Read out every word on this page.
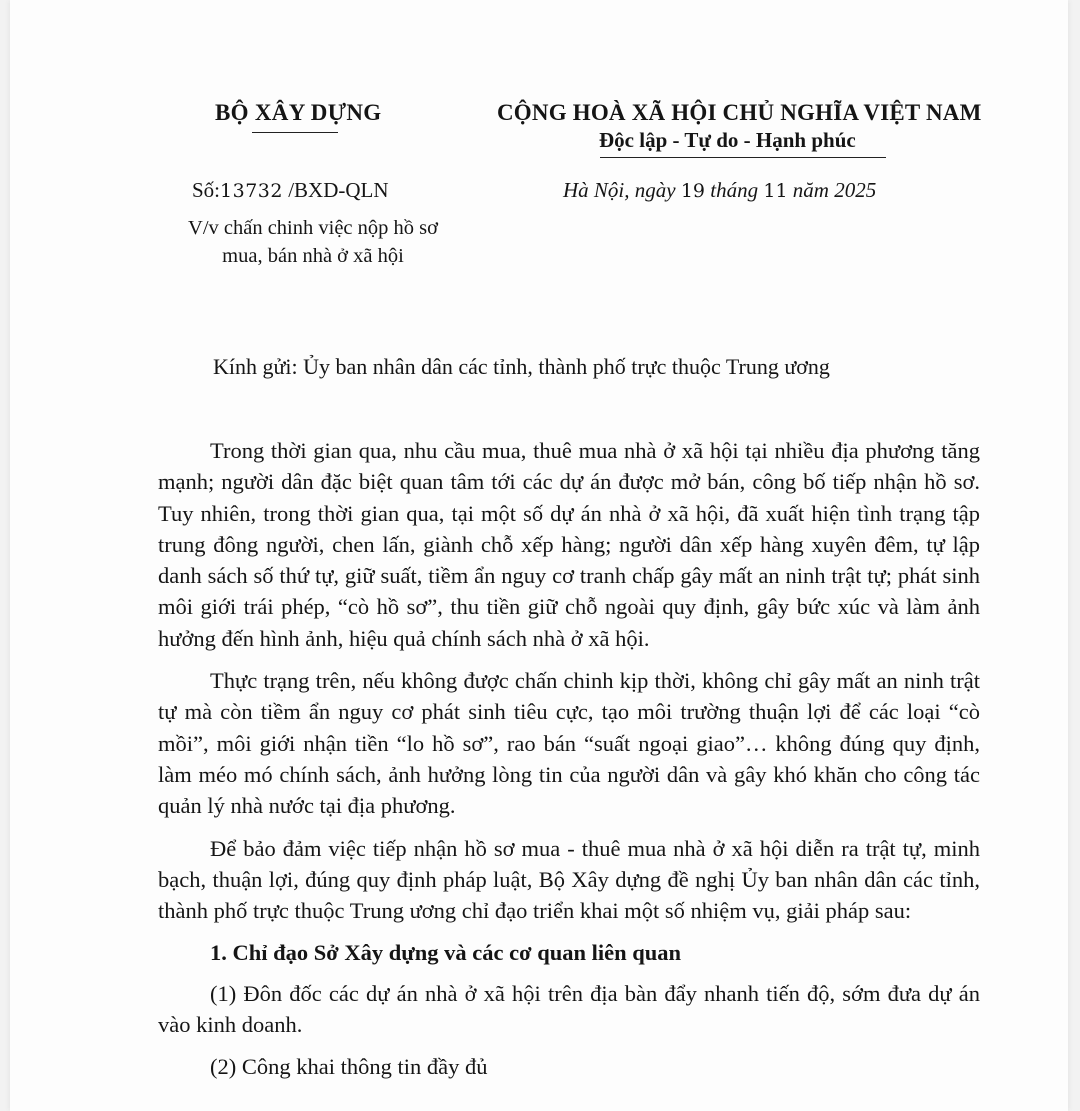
BỘ XÂY DỰNG	CỘNG HOÀ XÃ HỘI CHỦ NGHĨA VIỆT NAM
Độc lập - Tự do - Hạnh phúc
Số:13732 /BXD-QLN
V/v chấn chinh việc nộp hồ sơ
mua, bán nhà ở xã hội
Hà Nội, ngày 19 tháng 11 năm 2025
Kính gửi: Ủy ban nhân dân các tỉnh, thành phố trực thuộc Trung ương

Trong thời gian qua, nhu cầu mua, thuê mua nhà ở xã hội tại nhiều địa phương tăng mạnh; người dân đặc biệt quan tâm tới các dự án được mở bán, công bố tiếp nhận hồ sơ. Tuy nhiên, trong thời gian qua, tại một số dự án nhà ở xã hội, đã xuất hiện tình trạng tập trung đông người, chen lấn, giành chỗ xếp hàng; người dân xếp hàng xuyên đêm, tự lập danh sách số thứ tự, giữ suất, tiềm ẩn nguy cơ tranh chấp gây mất an ninh trật tự; phát sinh môi giới trái phép, “cò hồ sơ”, thu tiền giữ chỗ ngoài quy định, gây bức xúc và làm ảnh hưởng đến hình ảnh, hiệu quả chính sách nhà ở xã hội.

Thực trạng trên, nếu không được chấn chinh kịp thời, không chỉ gây mất an ninh trật tự mà còn tiềm ẩn nguy cơ phát sinh tiêu cực, tạo môi trường thuận lợi để các loại “cò mồi”, môi giới nhận tiền “lo hồ sơ”, rao bán “suất ngoại giao”… không đúng quy định, làm méo mó chính sách, ảnh hưởng lòng tin của người dân và gây khó khăn cho công tác quản lý nhà nước tại địa phương.

Để bảo đảm việc tiếp nhận hồ sơ mua - thuê mua nhà ở xã hội diễn ra trật tự, minh bạch, thuận lợi, đúng quy định pháp luật, Bộ Xây dựng đề nghị Ủy ban nhân dân các tỉnh, thành phố trực thuộc Trung ương chỉ đạo triển khai một số nhiệm vụ, giải pháp sau:

1. Chỉ đạo Sở Xây dựng và các cơ quan liên quan

(1) Đôn đốc các dự án nhà ở xã hội trên địa bàn đẩy nhanh tiến độ, sớm đưa dự án vào kinh doanh.

(2) Công khai thông tin đầy đủ
